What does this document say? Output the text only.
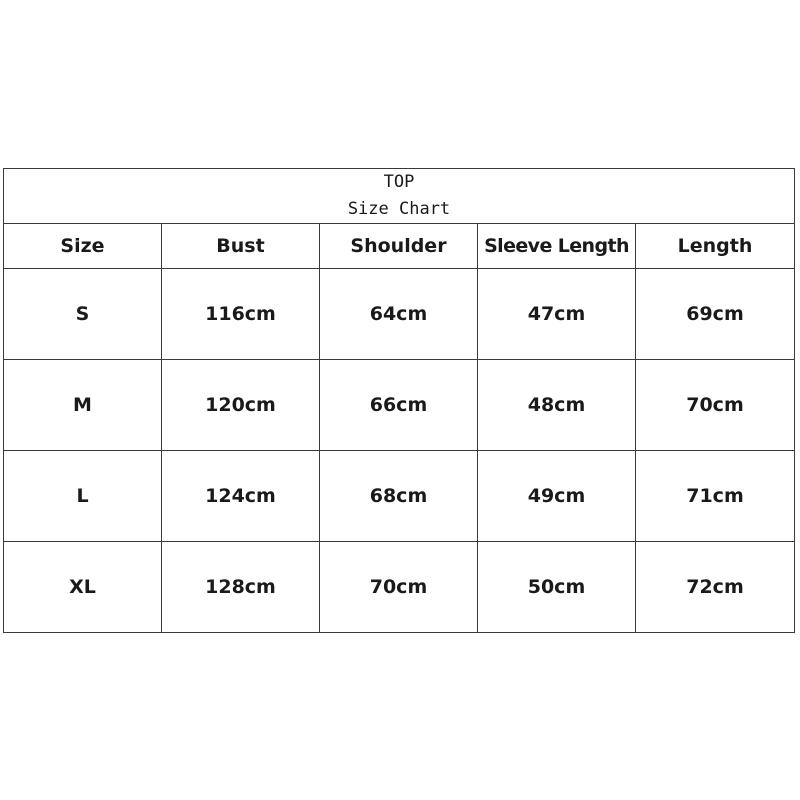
TOP
Size Chart				

Size	Bust	Shoulder	Sleeve Length	Length
S	116cm	64cm	47cm	69cm
M	120cm	66cm	48cm	70cm
L	124cm	68cm	49cm	71cm
XL	128cm	70cm	50cm	72cm
